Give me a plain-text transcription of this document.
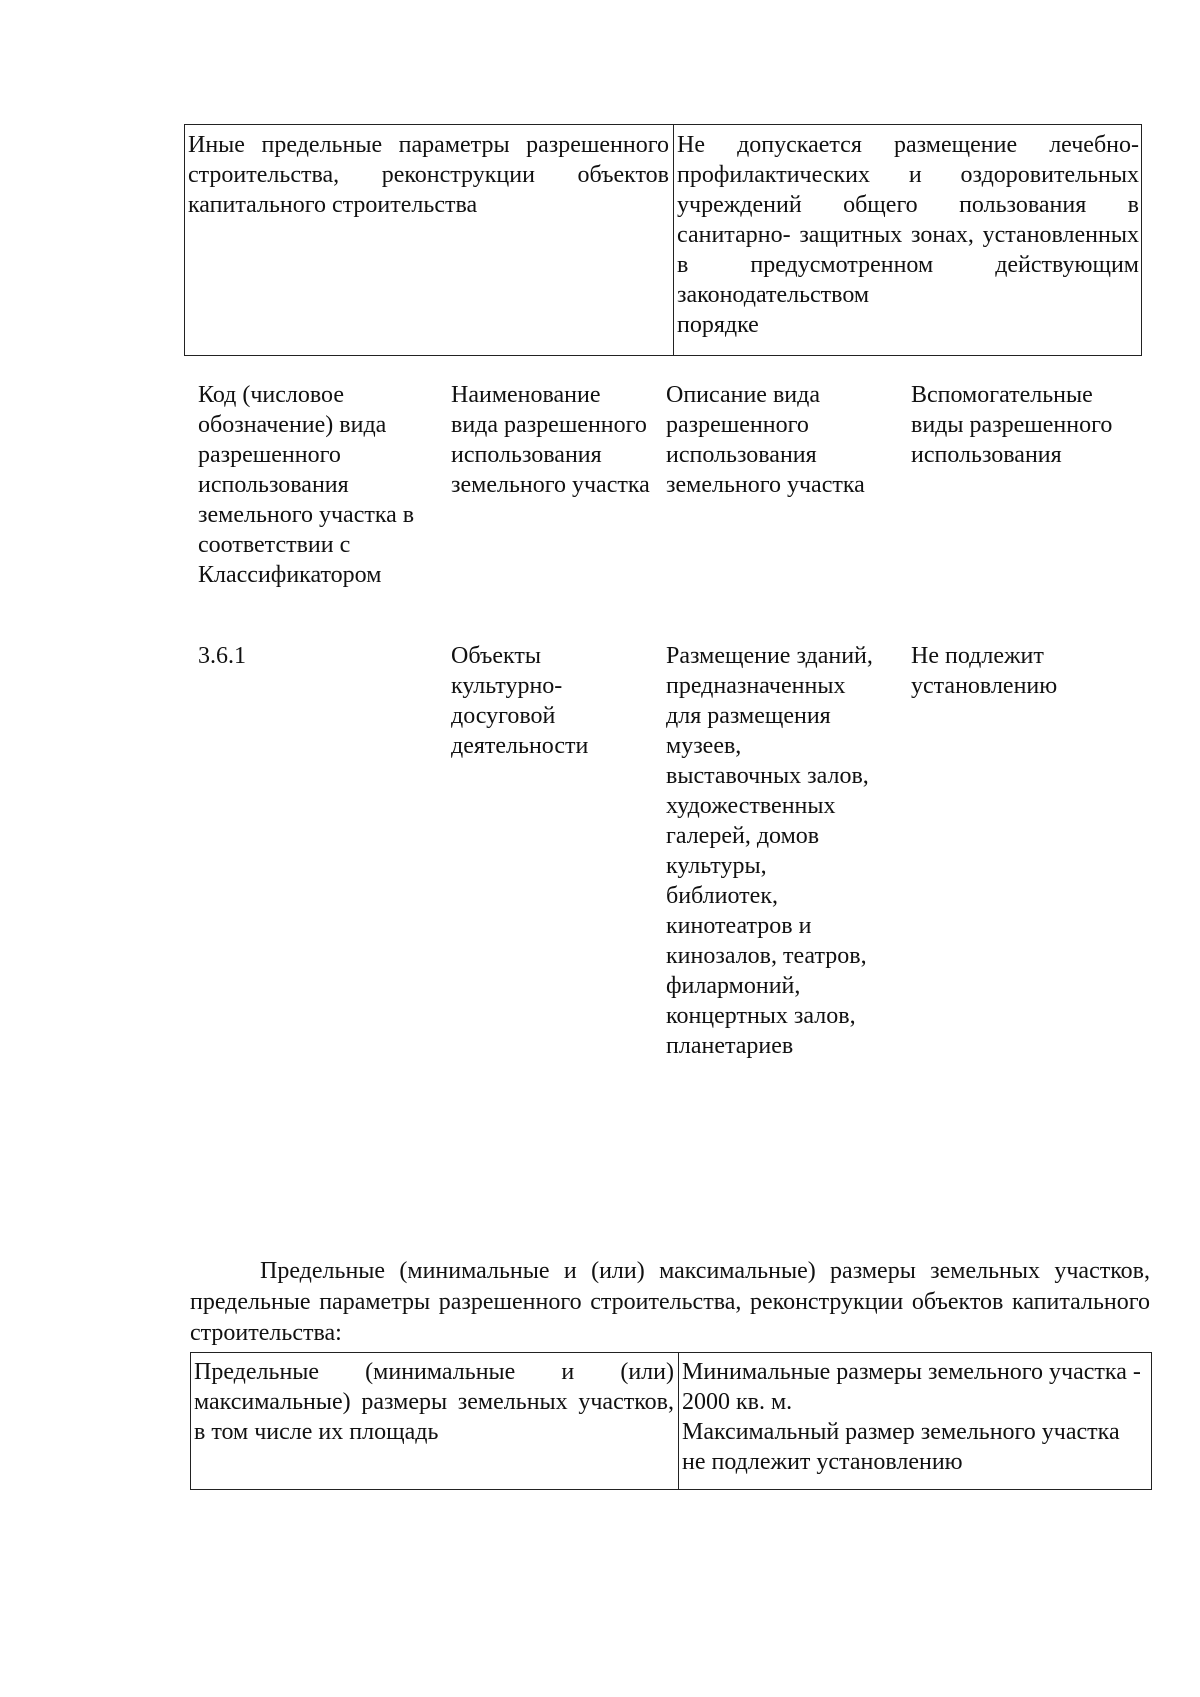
Иные предельные параметры разрешенного строительства, реконструкции объектов капитального строительства
Не допускается размещение лечебно-профилактических и оздоровительных учреждений общего пользования в санитарно- защитных зонах, установленных в предусмотренном действующим законодательством
порядке
Код (числовое обозначение) вида разрешенного использования земельного участка в соответствии с Классификатором
Наименование вида разрешенного использования земельного участка
Описание вида разрешенного использования земельного участка
Вспомогательные виды разрешенного использования
3.6.1	Объекты культурно-досуговой деятельности
Размещение зданий, предназначенных для размещения музеев, выставочных залов, художественных галерей, домов культуры, библиотек, кинотеатров и кинозалов, театров, филармоний, концертных залов, планетариев
Не подлежит установлению
Предельные (минимальные и (или) максимальные) размеры земельных участков, предельные параметры разрешенного строительства, реконструкции объектов капитального строительства:
Предельные (минимальные и (или) максимальные) размеры земельных участков, в том числе их площадь
Минимальные размеры земельного участка - 2000 кв. м.
Максимальный размер земельного участка не подлежит установлению
